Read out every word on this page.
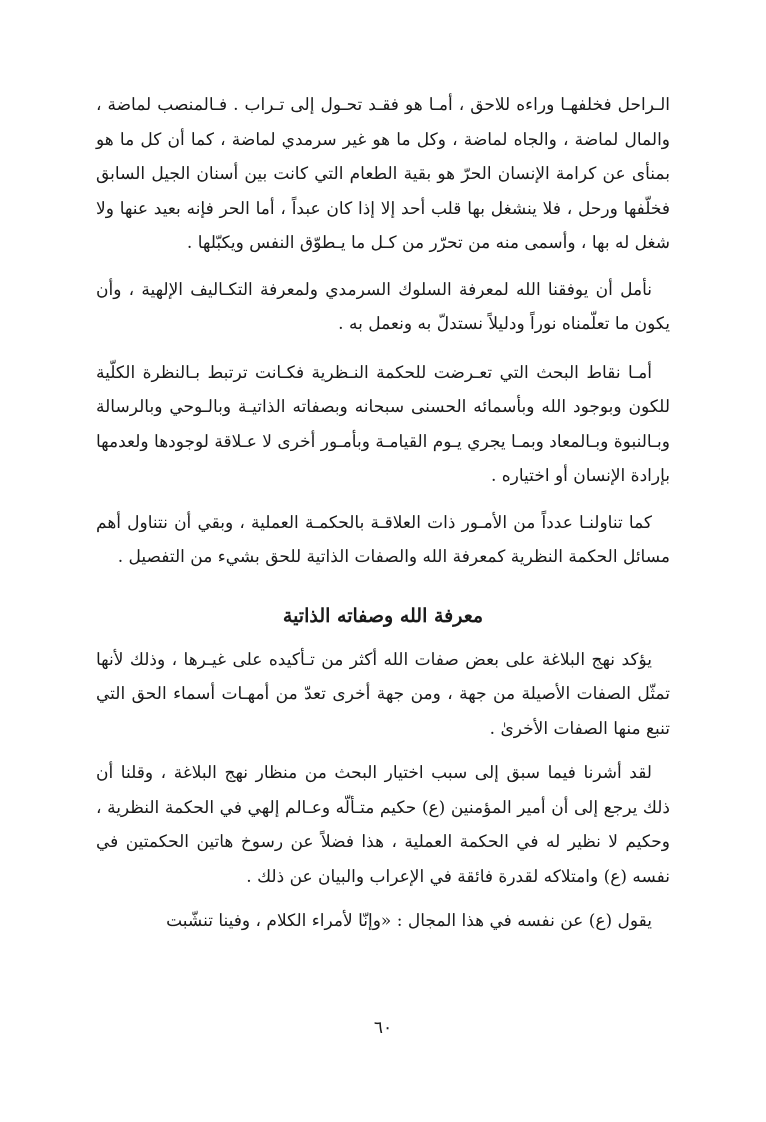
الـراحل فخلفهـا وراءه للاحق ، أمـا هو فقـد تحـول إلى تـراب . فـالمنصب لماضة ، والمال لماضة ، والجاه لماضة ، وكل ما هو غير سرمدي لماضة ، كما أن كل ما هو بمنأى عن كرامة الإنسان الحرّ هو بقية الطعام التي كانت بين أسنان الجيل السابق فخلّفها ورحل ، فلا ينشغل بها قلب أحد إلا إذا كان عبداً ، أما الحر فإنه بعيد عنها ولا شغل له بها ، وأسمى منه من تحرّر من كـل ما يـطوّق النفس ويكبّلها .

نأمل أن يوفقنا الله لمعرفة السلوك السرمدي ولمعرفة التكـاليف الإلهية ، وأن يكون ما تعلّمناه نوراً ودليلاً نستدلّ به ونعمل به .

أمـا نقاط البحث التي تعـرضت للحكمة النـظرية فكـانت ترتبط بـالنظرة الكلّية للكون وبوجود الله وبأسمائه الحسنى سبحانه وبصفاته الذاتيـة وبالـوحي وبالرسالة وبـالنبوة وبـالمعاد وبمـا يجري يـوم القيامـة وبأمـور أخرى لا عـلاقة لوجودها ولعدمها بإرادة الإنسان أو اختياره .

كما تناولنـا عدداً من الأمـور ذات العلاقـة بالحكمـة العملية ، وبقي أن نتناول أهم مسائل الحكمة النظرية كمعرفة الله والصفات الذاتية للحق بشيء من التفصيل .

معرفة الله وصفاته الذاتية

يؤكد نهج البلاغة على بعض صفات الله أكثر من تـأكيده على غيـرها ، وذلك لأنها تمثّل الصفات الأصيلة من جهة ، ومن جهة أخرى تعدّ من أمهـات أسماء الحق التي تنبع منها الصفات الأخرىٰ .

لقد أشرنا فيما سبق إلى سبب اختيار البحث من منظار نهج البلاغة ، وقلنا أن ذلك يرجع إلى أن أمير المؤمنين (ع) حكيم متـألّه وعـالم إلهي في الحكمة النظرية ، وحكيم لا نظير له في الحكمة العملية ، هذا فضلاً عن رسوخ هاتين الحكمتين في نفسه (ع) وامتلاكه لقدرة فائقة في الإعراب والبيان عن ذلك .

يقول (ع) عن نفسه في هذا المجال : «وإنّا لأمراء الكلام ، وفينا تنشّبت

٦٠
